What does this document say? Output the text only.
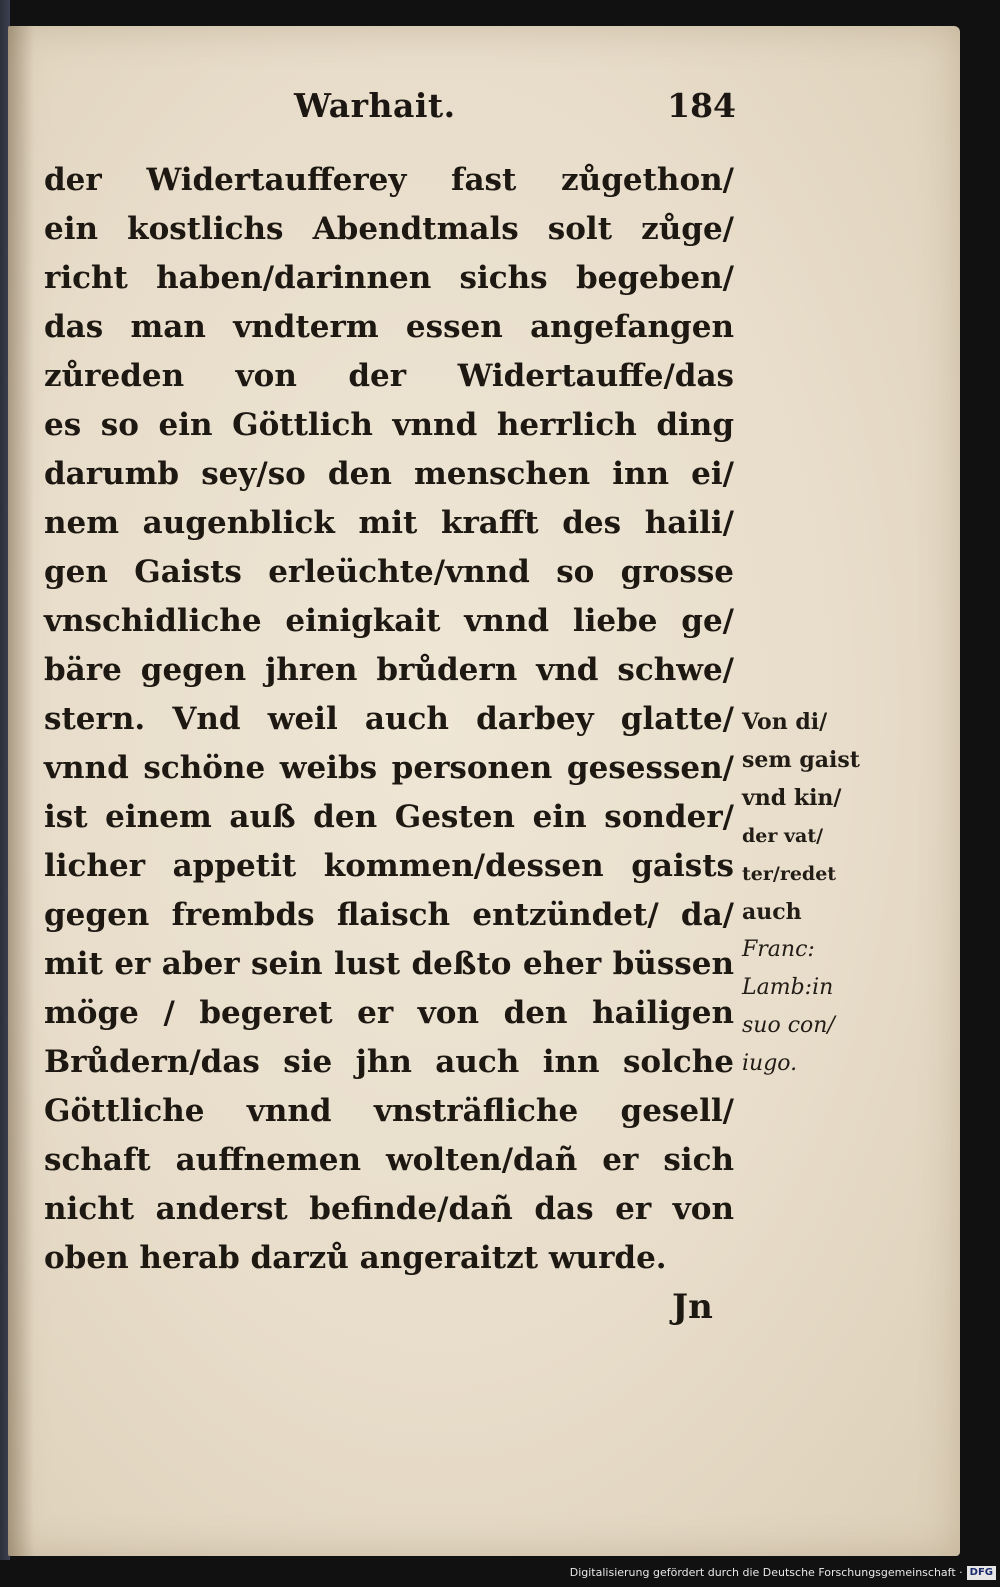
Warhait.	184
der Widertaufferey fast zůgethon/
ein kostlichs Abendtmals solt zůge/
richt haben/darinnen sichs begeben/
das man vndterm essen angefangen
zůreden von der Widertauffe/das
es so ein Göttlich vnnd herrlich ding
darumb sey/so den menschen inn ei/
nem augenblick mit krafft des haili/
gen Gaists erleüchte/vnnd so grosse
vnschidliche einigkait vnnd liebe ge/
bäre gegen jhren brůdern vnd schwe/
stern. Vnd weil auch darbey glatte/
vnnd schöne weibs personen gesessen/
ist einem auß den Gesten ein sonder/
licher appetit kommen/dessen gaists
gegen frembds flaisch entzündet/ da/
mit er aber sein lust deßto eher büssen
möge / begeret er von den hailigen
Brůdern/das sie jhn auch inn solche
Göttliche vnnd vnsträfliche gesell/
schaft auffnemen wolten/dañ er sich
nicht anderst befinde/dañ das er von
oben herab darzů angeraitzt wurde.
Jn
Von di/
sem gaist
vnd kin/
der vat/
ter/redet
auch
Franc:
Lamb:in
suo con/
iugo.
Digitalisierung gefördert durch die Deutsche Forschungsgemeinschaft · DFG
